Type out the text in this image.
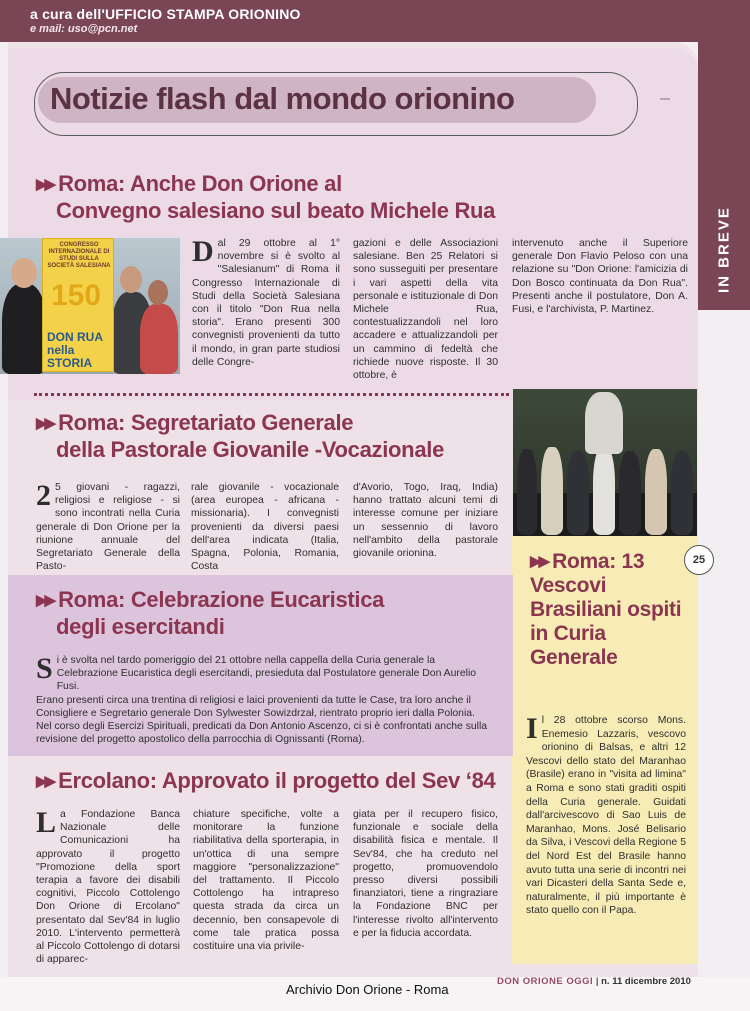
a cura dell'UFFICIO STAMPA ORIONINO
e mail: uso@pcn.net
IN BREVE
Notizie flash dal mondo orionino
▶▶ Roma: Anche Don Orione al
Convegno salesiano sul beato Michele Rua
CONGRESSO INTERNAZIONALE DI STUDI SULLA SOCIETÀ SALESIANA
150
DON RUA nella STORIA
Dal 29 ottobre al 1° novembre si è svolto al "Salesianum" di Roma il Congresso Internazionale di Studi della Società Salesiana con il titolo "Don Rua nella storia". Erano presenti 300 convegnisti provenienti da tutto il mondo, in gran parte studiosi delle Congre-
gazioni e delle Associazioni salesiane. Ben 25 Relatori si sono susseguiti per presentare i vari aspetti della vita personale e istituzionale di Don Michele Rua, contestualizzandoli nel loro accadere e attualizzandoli per un cammino di fedeltà che richiede nuove risposte. Il 30 ottobre, è
intervenuto anche il Superiore generale Don Flavio Peloso con una relazione su "Don Orione: l'amicizia di Don Bosco continuata da Don Rua". Presenti anche il postulatore, Don A. Fusi, e l'archivista, P. Martinez.
▶▶ Roma: Segretariato Generale
della Pastorale Giovanile -Vocazionale
2 5 giovani - ragazzi, religiosi e religiose - si sono incontrati nella Curia generale di Don Orione per la riunione annuale del Segretariato Generale della Pasto-
rale giovanile - vocazionale (area europea - africana - missionaria). I convegnisti provenienti da diversi paesi dell'area indicata (Italia, Spagna, Polonia, Romania, Costa
d'Avorio, Togo, Iraq, India) hanno trattato alcuni temi di interesse comune per iniziare un sessennio di lavoro nell'ambito della pastorale giovanile orionina.	▶▶ Roma: 13 Vescovi Brasiliani ospiti in Curia Generale
Il 28 ottobre scorso Mons. Enemesio Lazzaris, vescovo orionino di Balsas, e altri 12 Vescovi dello stato del Maranhao (Brasile) erano in "visita ad limina" a Roma e sono stati graditi ospiti della Curia generale. Guidati dall'arcivescovo di Sao Luis de Maranhao, Mons. José Belisario da Silva, i Vescovi della Regione 5 del Nord Est del Brasile hanno avuto tutta una serie di incontri nei vari Dicasteri della Santa Sede e, naturalmente, il più importante è stato quello con il Papa.
25
▶▶ Roma: Celebrazione Eucaristica
degli esercitandi
Si è svolta nel tardo pomeriggio del 21 ottobre nella cappella della Curia generale la Celebrazione Eucaristica degli esercitandi, presieduta dal Postulatore generale Don Aurelio Fusi.
Erano presenti circa una trentina di religiosi e laici provenienti da tutte le Case, tra loro anche il Consigliere e Segretario generale Don Sylwester Sowizdrzał, rientrato proprio ieri dalla Polonia.
Nel corso degli Esercizi Spirituali, predicati da Don Antonio Ascenzo, ci si è confrontati anche sulla revisione del progetto apostolico della parrocchia di Ognissanti (Roma).
▶▶ Ercolano: Approvato il progetto del Sev ‘84
La Fondazione Banca Nazionale delle Comunicazioni ha approvato il progetto "Promozione della sport terapia a favore dei disabili cognitivi, Piccolo Cottolengo Don Orione di Ercolano" presentato dal Sev'84 in luglio 2010. L'intervento permetterà al Piccolo Cottolengo di dotarsi di apparec-
chiature specifiche, volte a monitorare la funzione riabilitativa della sporterapia, in un'ottica di una sempre maggiore "personalizzazione" del trattamento. Il Piccolo Cottolengo ha intrapreso questa strada da circa un decennio, ben consapevole di come tale pratica possa costituire una via privile-
giata per il recupero fisico, funzionale e sociale della disabilità fisica e mentale. Il Sev'84, che ha creduto nel progetto, promuovendolo presso diversi possibili finanziatori, tiene a ringraziare la Fondazione BNC per l'interesse rivolto all'intervento e per la fiducia accordata.
Archivio Don Orione - Roma
DON ORIONE OGGI | n. 11 dicembre 2010
